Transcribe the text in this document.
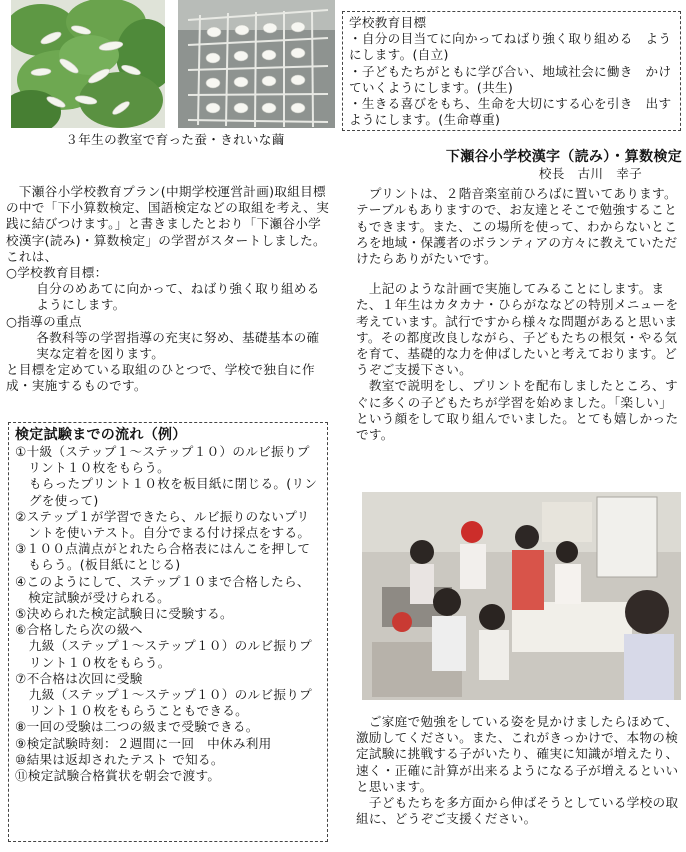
３年生の教室で育った蚕・きれいな繭
学校教育目標
・自分の目当てに向かってねばり強く取り組める　ようにします。(自立)
・子どもたちがともに学び合い、地域社会に働き　かけていくようにします。(共生)
・生きる喜びをもち、生命を大切にする心を引き　出すようにします。(生命尊重)
　下瀬谷小学校教育プラン(中期学校運営計画)取組目標の中で「下小算数検定、国語検定などの取組を考え、実践に結びつけます。」と書きましたとおり「下瀬谷小学校漢字(読み)・算数検定」の学習がスタートしました。これは、
○学校教育目標：
自分のめあてに向かって、ねばり強く取り組めるようにします。
○指導の重点
各教科等の学習指導の充実に努め、基礎基本の確実な定着を図ります。
と目標を定めている取組のひとつで、学校で独自に作成・実施するものです。
検定試験までの流れ（例）
①十級（ステップ１～ステップ１０）のルビ振りプリント１０枚をもらう。
もらったプリント１０枚を板目紙に閉じる。(リングを使って)
②ステップ１が学習できたら、ルビ振りのないプリントを使いテスト。自分でまる付け採点をする。
③１００点満点がとれたら合格表にはんこを押してもらう。(板目紙にとじる)
④このようにして、ステップ１０まで合格したら、検定試験が受けられる。
⑤決められた検定試験日に受験する。
⑥合格したら次の級へ
九級（ステップ１～ステップ１０）のルビ振りプリント１０枚をもらう。
⑦不合格は次回に受験
九級（ステップ１～ステップ１０）のルビ振りプリント１０枚をもらうこともできる。
⑧一回の受験は二つの級まで受験できる。
⑨検定試験時刻：２週間に一回　中休み利用
⑩結果は返却されたテスト で知る。
⑪検定試験合格賞状を朝会で渡す。
下瀬谷小学校漢字（読み）・算数検定
校長　古川　幸子
　プリントは、２階音楽室前ひろばに置いてあります。テーブルもありますので、お友達とそこで勉強することもできます。また、この場所を使って、わからないところを地域・保護者のボランティアの方々に教えていただけたらありがたいです。
　上記のような計画で実施してみることにします。また、１年生はカタカナ・ひらがななどの特別メニューを考えています。試行ですから様々な問題があると思います。その都度改良しながら、子どもたちの根気・やる気を育て、基礎的な力を伸ばしたいと考えております。どうぞご支援下さい。
　教室で説明をし、プリントを配布しましたところ、すぐに多くの子どもたちが学習を始めました。「楽しい」という顔をして取り組んでいました。とても嬉しかったです。
　ご家庭で勉強をしている姿を見かけましたらほめて、激励してください。また、これがきっかけで、本物の検定試験に挑戦する子がいたり、確実に知識が増えたり、速く・正確に計算が出来るようになる子が増えるといいと思います。
　子どもたちを多方面から伸ばそうとしている学校の取組に、どうぞご支援ください。
